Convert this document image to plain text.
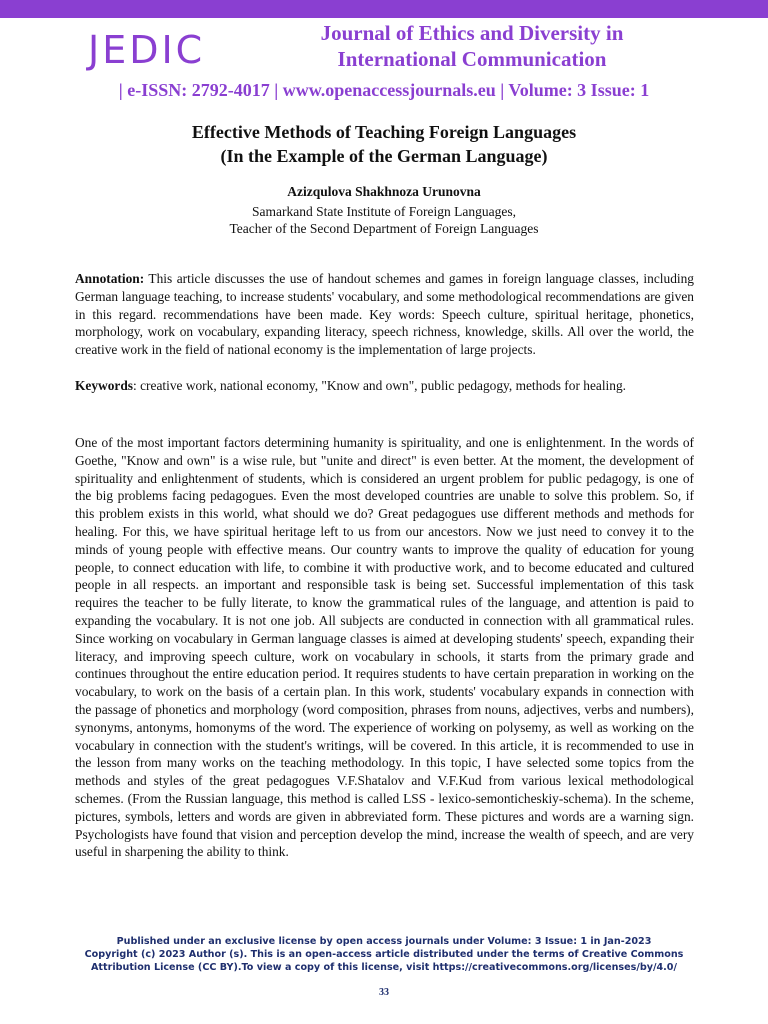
JEDIC	Journal of Ethics and Diversity in International Communication
| e-ISSN: 2792-4017 | www.openaccessjournals.eu | Volume: 3 Issue: 1
Effective Methods of Teaching Foreign Languages
(In the Example of the German Language)
Azizqulova Shakhnoza Urunovna
Samarkand State Institute of Foreign Languages,
Teacher of the Second Department of Foreign Languages
Annotation: This article discusses the use of handout schemes and games in foreign language classes, including German language teaching, to increase students' vocabulary, and some methodological recommendations are given in this regard. recommendations have been made. Key words: Speech culture, spiritual heritage, phonetics, morphology, work on vocabulary, expanding literacy, speech richness, knowledge, skills. All over the world, the creative work in the field of national economy is the implementation of large projects.
Keywords: creative work, national economy, "Know and own", public pedagogy, methods for healing.
One of the most important factors determining humanity is spirituality, and one is enlightenment. In the words of Goethe, "Know and own" is a wise rule, but "unite and direct" is even better. At the moment, the development of spirituality and enlightenment of students, which is considered an urgent problem for public pedagogy, is one of the big problems facing pedagogues. Even the most developed countries are unable to solve this problem. So, if this problem exists in this world, what should we do? Great pedagogues use different methods and methods for healing. For this, we have spiritual heritage left to us from our ancestors. Now we just need to convey it to the minds of young people with effective means. Our country wants to improve the quality of education for young people, to connect education with life, to combine it with productive work, and to become educated and cultured people in all respects. an important and responsible task is being set. Successful implementation of this task requires the teacher to be fully literate, to know the grammatical rules of the language, and attention is paid to expanding the vocabulary. It is not one job. All subjects are conducted in connection with all grammatical rules. Since working on vocabulary in German language classes is aimed at developing students' speech, expanding their literacy, and improving speech culture, work on vocabulary in schools, it starts from the primary grade and continues throughout the entire education period. It requires students to have certain preparation in working on the vocabulary, to work on the basis of a certain plan. In this work, students' vocabulary expands in connection with the passage of phonetics and morphology (word composition, phrases from nouns, adjectives, verbs and numbers), synonyms, antonyms, homonyms of the word. The experience of working on polysemy, as well as working on the vocabulary in connection with the student's writings, will be covered. In this article, it is recommended to use in the lesson from many works on the teaching methodology. In this topic, I have selected some topics from the methods and styles of the great pedagogues V.F.Shatalov and V.F.Kud from various lexical methodological schemes. (From the Russian language, this method is called LSS - lexico-semonticheskiy-schema). In the scheme, pictures, symbols, letters and words are given in abbreviated form. These pictures and words are a warning sign. Psychologists have found that vision and perception develop the mind, increase the wealth of speech, and are very useful in sharpening the ability to think.
Published under an exclusive license by open access journals under Volume: 3 Issue: 1 in Jan-2023
Copyright (c) 2023 Author (s). This is an open-access article distributed under the terms of Creative Commons
Attribution License (CC BY).To view a copy of this license, visit https://creativecommons.org/licenses/by/4.0/
33
